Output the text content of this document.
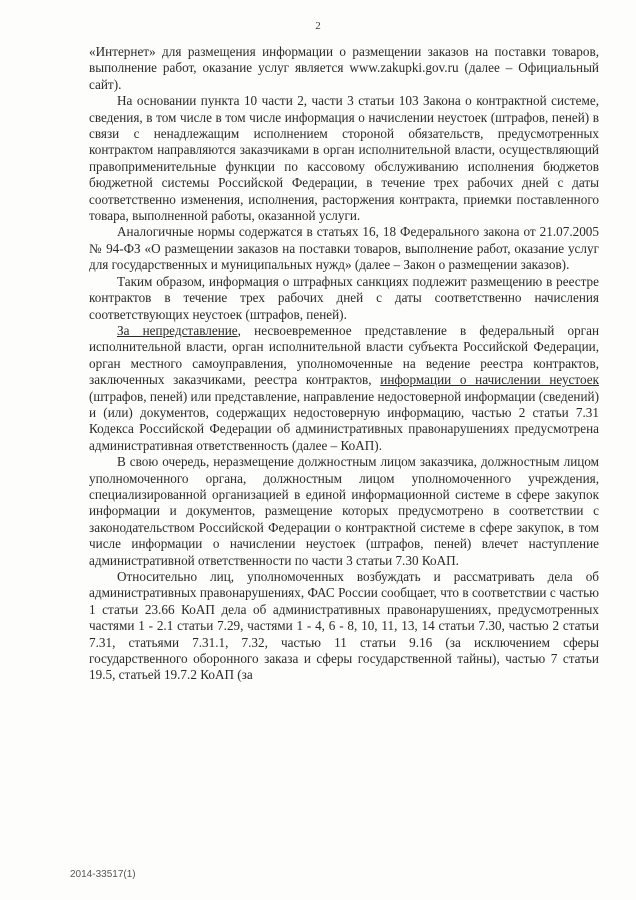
2

«Интернет» для размещения информации о размещении заказов на поставки товаров, выполнение работ, оказание услуг является www.zakupki.gov.ru (далее – Официальный сайт).

На основании пункта 10 части 2, части 3 статьи 103 Закона о контрактной системе, сведения, в том числе в том числе информация о начислении неустоек (штрафов, пеней) в связи с ненадлежащим исполнением стороной обязательств, предусмотренных контрактом направляются заказчиками в орган исполнительной власти, осуществляющий правоприменительные функции по кассовому обслуживанию исполнения бюджетов бюджетной системы Российской Федерации, в течение трех рабочих дней с даты соответственно изменения, исполнения, расторжения контракта, приемки поставленного товара, выполненной работы, оказанной услуги.

Аналогичные нормы содержатся в статьях 16, 18 Федерального закона от 21.07.2005 № 94-ФЗ «О размещении заказов на поставки товаров, выполнение работ, оказание услуг для государственных и муниципальных нужд» (далее – Закон о размещении заказов).

Таким образом, информация о штрафных санкциях подлежит размещению в реестре контрактов в течение трех рабочих дней с даты соответственно начисления соответствующих неустоек (штрафов, пеней).

За непредставление, несвоевременное представление в федеральный орган исполнительной власти, орган исполнительной власти субъекта Российской Федерации, орган местного самоуправления, уполномоченные на ведение реестра контрактов, заключенных заказчиками, реестра контрактов, информации о начислении неустоек (штрафов, пеней) или представление, направление недостоверной информации (сведений) и (или) документов, содержащих недостоверную информацию, частью 2 статьи 7.31 Кодекса Российской Федерации об административных правонарушениях предусмотрена административная ответственность (далее – КоАП).

В свою очередь, неразмещение должностным лицом заказчика, должностным лицом уполномоченного органа, должностным лицом уполномоченного учреждения, специализированной организацией в единой информационной системе в сфере закупок информации и документов, размещение которых предусмотрено в соответствии с законодательством Российской Федерации о контрактной системе в сфере закупок, в том числе информации о начислении неустоек (штрафов, пеней) влечет наступление административной ответственности по части 3 статьи 7.30 КоАП.

Относительно лиц, уполномоченных возбуждать и рассматривать дела об административных правонарушениях, ФАС России сообщает, что в соответствии с частью 1 статьи 23.66 КоАП дела об административных правонарушениях, предусмотренных частями 1 - 2.1 статьи 7.29, частями 1 - 4, 6 - 8, 10, 11, 13, 14 статьи 7.30, частью 2 статьи 7.31, статьями 7.31.1, 7.32, частью 11 статьи 9.16 (за исключением сферы государственного оборонного заказа и сферы государственной тайны), частью 7 статьи 19.5, статьей 19.7.2 КоАП (за

2014-33517(1)
